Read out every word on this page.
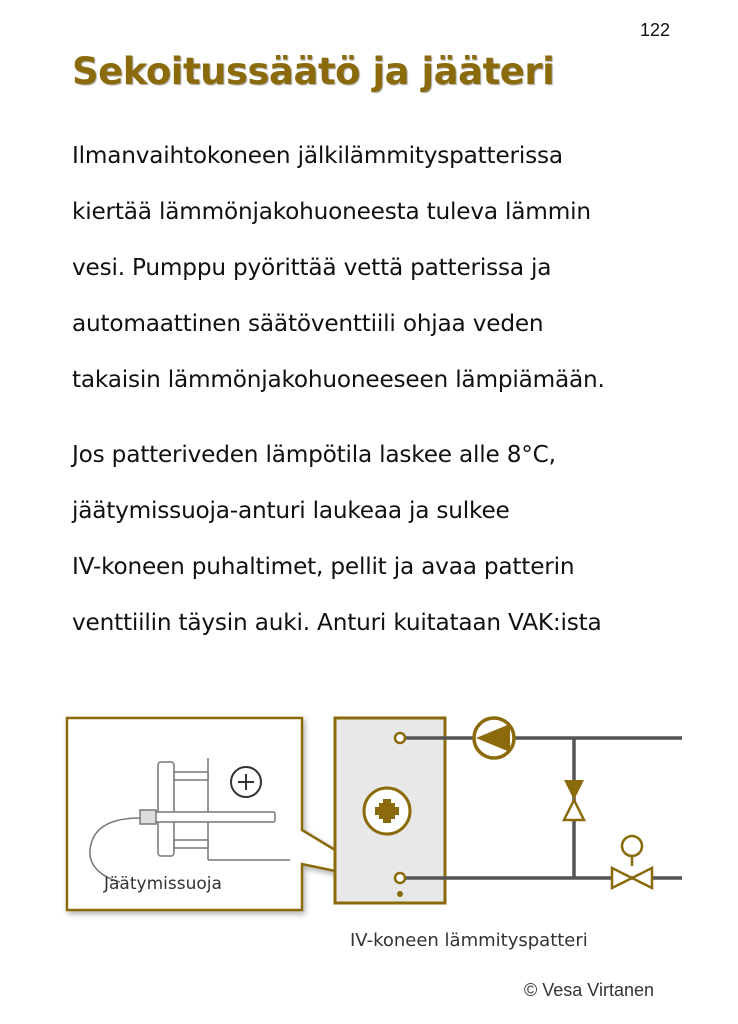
122
Sekoitussäätö ja jääteri
Ilmanvaihtokoneen jälkilämmityspatterissa
kiertää lämmönjakohuoneesta tuleva lämmin
vesi. Pumppu pyörittää vettä patterissa ja
automaattinen säätöventtiili ohjaa veden
takaisin lämmönjakohuoneeseen lämpiämään.
Jos patteriveden lämpötila laskee alle 8°C,
jäätymissuoja-anturi laukeaa ja sulkee
IV-koneen puhaltimet, pellit ja avaa patterin
venttiilin täysin auki. Anturi kuitataan VAK:ista
Jäätymissuoja
IV-koneen lämmityspatteri
© Vesa Virtanen
